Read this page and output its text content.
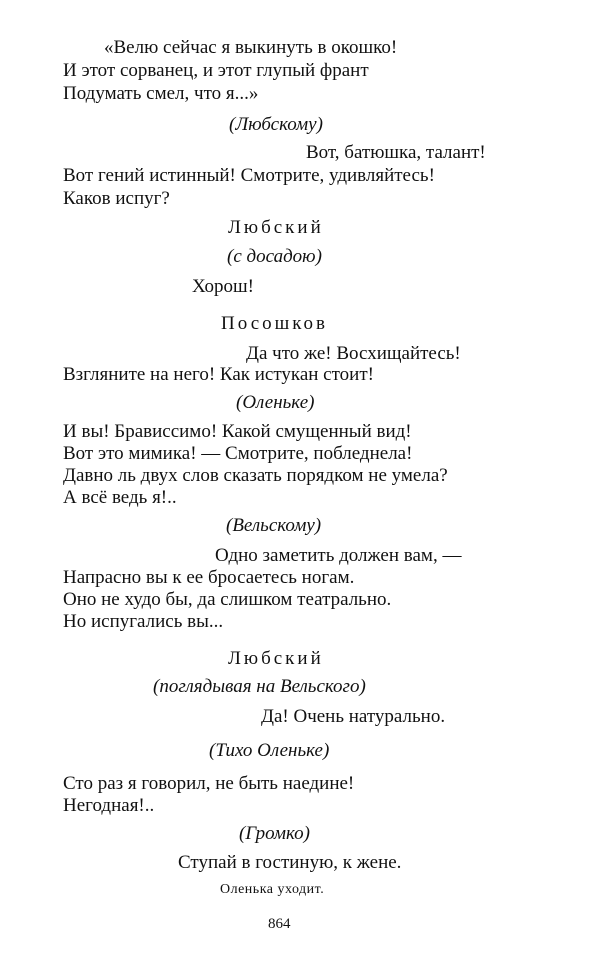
«Велю сейчас я выкинуть в окошко!
И этот сорванец, и этот глупый франт
Подумать смел, что я...»
(Любскому)
Вот, батюшка, талант!
Вот гений истинный! Смотрите, удивляйтесь!
Каков испуг?
Любский
(с досадою)
Хорош!
Посошков
Да что же! Восхищайтесь!
Взгляните на него! Как истукан стоит!
(Оленьке)
И вы! Брависсимо! Какой смущенный вид!
Вот это мимика! — Смотрите, побледнела!
Давно ль двух слов сказать порядком не умела?
А всё ведь я!..
(Вельскому)
Одно заметить должен вам, —
Напрасно вы к ее бросаетесь ногам.
Оно не худо бы, да слишком театрально.
Но испугались вы...
Любский
(поглядывая на Вельского)
Да! Очень натурально.
(Тихо Оленьке)
Сто раз я говорил, не быть наедине!
Негодная!..
(Громко)
Ступай в гостиную, к жене.
Оленька уходит.
864
